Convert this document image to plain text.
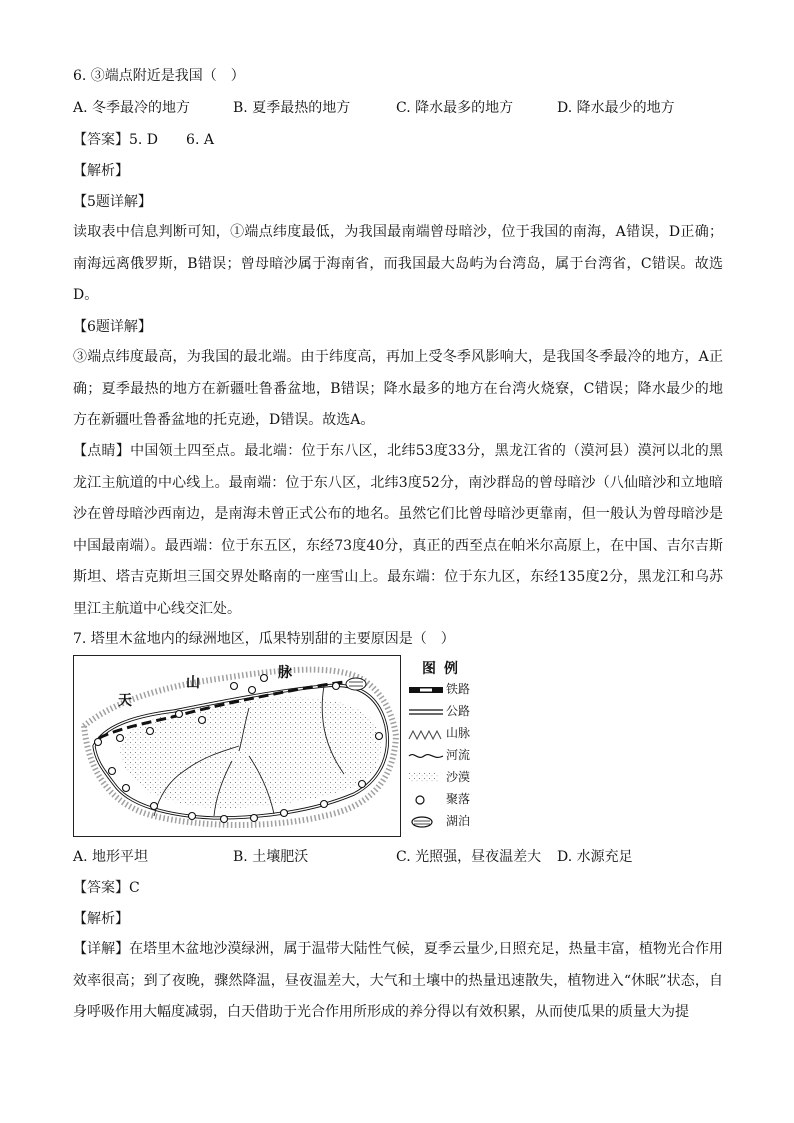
6. ③端点附近是我国（　）
A. 冬季最冷的地方	B. 夏季最热的地方	C. 降水最多的地方	D. 降水最少的地方
【答案】5. D　　6. A
【解析】
【5题详解】
读取表中信息判断可知，①端点纬度最低，为我国最南端曾母暗沙，位于我国的南海，A错误，D正确；南海远离俄罗斯，B错误；曾母暗沙属于海南省，而我国最大岛屿为台湾岛，属于台湾省，C错误。故选D。
【6题详解】
③端点纬度最高，为我国的最北端。由于纬度高，再加上受冬季风影响大，是我国冬季最冷的地方，A正确；夏季最热的地方在新疆吐鲁番盆地，B错误；降水最多的地方在台湾火烧寮，C错误；降水最少的地方在新疆吐鲁番盆地的托克逊，D错误。故选A。
【点睛】中国领土四至点。最北端：位于东八区，北纬53度33分，黑龙江省的（漠河县）漠河以北的黑龙江主航道的中心线上。最南端：位于东八区，北纬3度52分，南沙群岛的曾母暗沙（八仙暗沙和立地暗沙在曾母暗沙西南边，是南海未曾正式公布的地名。虽然它们比曾母暗沙更靠南，但一般认为曾母暗沙是中国最南端）。最西端：位于东五区，东经73度40分，真正的西至点在帕米尔高原上，在中国、吉尔吉斯斯坦、塔吉克斯坦三国交界处略南的一座雪山上。最东端：位于东九区，东经135度2分，黑龙江和乌苏里江主航道中心线交汇处。
7. 塔里木盆地内的绿洲地区，瓜果特别甜的主要原因是（　）
天
山
脉	图例
铁路
公路
山脉
河流
沙漠
聚落
湖泊
A. 地形平坦	B. 土壤肥沃	C. 光照强，昼夜温差大 D. 水源充足
【答案】C
【解析】
【详解】在塔里木盆地沙漠绿洲，属于温带大陆性气候，夏季云量少,日照充足，热量丰富，植物光合作用效率很高；到了夜晚，骤然降温，昼夜温差大，大气和土壤中的热量迅速散失，植物进入“休眠”状态，自身呼吸作用大幅度减弱，白天借助于光合作用所形成的养分得以有效积累，从而使瓜果的质量大为提
